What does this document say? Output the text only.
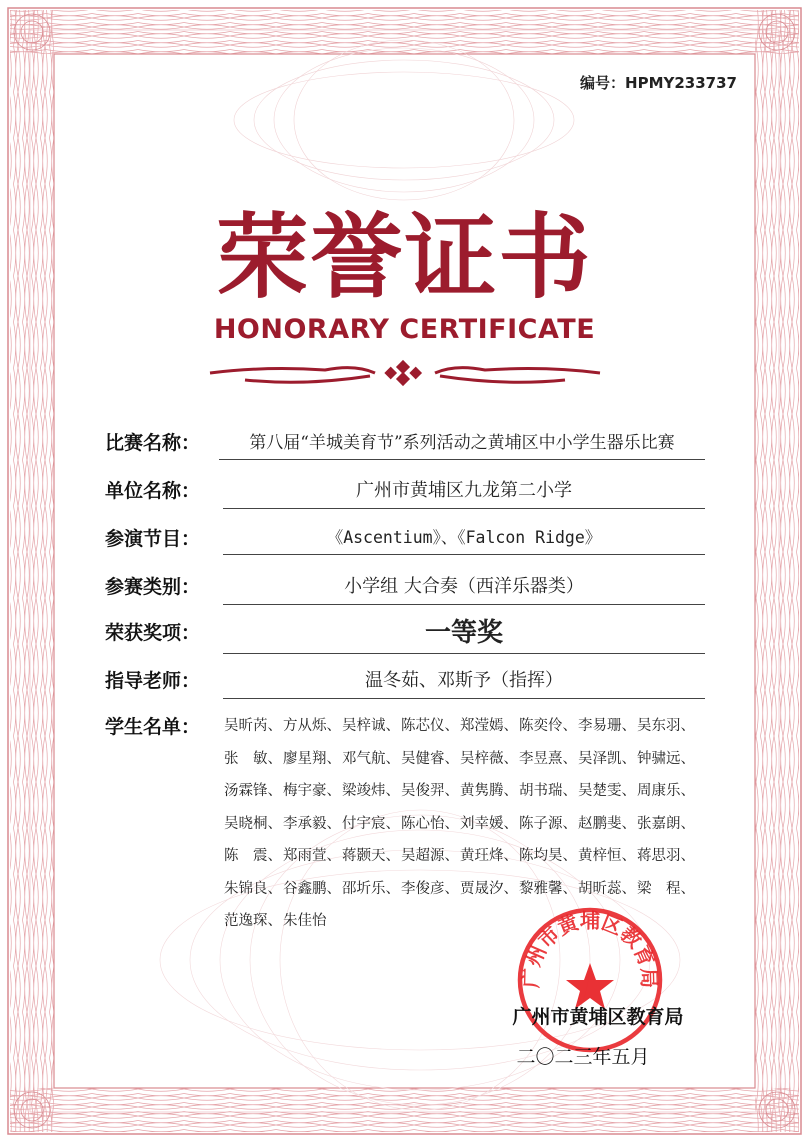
编号：HPMY233737
荣誉证书
HONORARY CERTIFICATE
比赛名称：	第八届“羊城美育节”系列活动之黄埔区中小学生器乐比赛
单位名称：	广州市黄埔区九龙第二小学
参演节目：	《Ascentium》、《Falcon Ridge》
参赛类别：	小学组 大合奏（西洋乐器类）
荣获奖项：	一等奖
指导老师：	温冬茹、邓斯予（指挥）
学生名单： 吴昕芮、方从烁、吴梓诚、陈芯仪、郑滢嫣、陈奕伶、李易珊、吴东羽、张　敏、廖星翔、邓气航、吴健睿、吴梓薇、李昱熹、吴泽凯、钟骕远、汤霖锋、梅宇豪、梁竣炜、吴俊羿、黄隽腾、胡书瑞、吴楚雯、周康乐、吴晓桐、李承毅、付宇宸、陈心怡、刘幸媛、陈子源、赵鹏斐、张嘉朗、陈　震、郑雨萱、蒋颢天、吴超源、黄玨烽、陈均昊、黄梓恒、蒋思羽、朱锦良、谷鑫鹏、邵圻乐、李俊彦、贾晟汐、黎雅馨、胡昕蕊、梁　程、范逸琛、朱佳怡
广州市黄埔区教育局
广州市黄埔区教育局
二〇二三年五月
